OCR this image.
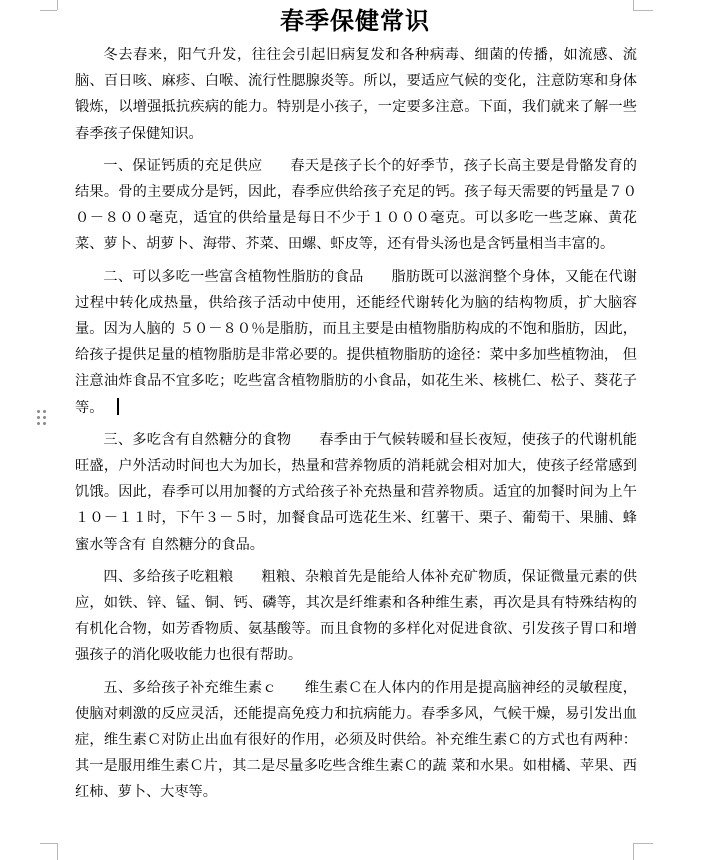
春季保健常识

冬去春来，阳气升发，往往会引起旧病复发和各种病毒、细菌的传播，如流感、流脑、百日咳、麻疹、白喉、流行性腮腺炎等。所以，要适应气候的变化，注意防寒和身体锻炼，以增强抵抗疾病的能力。特别是小孩子，一定要多注意。下面，我们就来了解一些春季孩子保健知识。

一、保证钙质的充足供应 春天是孩子长个的好季节，孩子长高主要是骨骼发育的结果。骨的主要成分是钙，因此，春季应供给孩子充足的钙。孩子每天需要的钙量是７００－８００毫克，适宜的供给量是每日不少于１０００毫克。可以多吃一些芝麻、黄花菜、萝卜、胡萝卜、海带、芥菜、田螺、虾皮等，还有骨头汤也是含钙量相当丰富的。

二、可以多吃一些富含植物性脂肪的食品 脂肪既可以滋润整个身体，又能在代谢过程中转化成热量，供给孩子活动中使用，还能经代谢转化为脑的结构物质，扩大脑容量。因为人脑的 ５０－８０％是脂肪，而且主要是由植物脂肪构成的不饱和脂肪，因此，给孩子提供足量的植物脂肪是非常必要的。提供植物脂肪的途径：菜中多加些植物油， 但注意油炸食品不宜多吃；吃些富含植物脂肪的小食品，如花生米、核桃仁、松子、葵花子等。

三、多吃含有自然糖分的食物 春季由于气候转暖和昼长夜短，使孩子的代谢机能旺盛，户外活动时间也大为加长，热量和营养物质的消耗就会相对加大，使孩子经常感到饥饿。因此，春季可以用加餐的方式给孩子补充热量和营养物质。适宜的加餐时间为上午１０－１１时，下午３－５时，加餐食品可选花生米、红薯干、栗子、葡萄干、果脯、蜂蜜水等含有 自然糖分的食品。

四、多给孩子吃粗粮 粗粮、杂粮首先是能给人体补充矿物质，保证微量元素的供应，如铁、锌、锰、铜、钙、磷等，其次是纤维素和各种维生素，再次是具有特殊结构的有机化合物，如芳香物质、氨基酸等。而且食物的多样化对促进食欲、引发孩子胃口和增强孩子的消化吸收能力也很有帮助。

五、多给孩子补充维生素ｃ 维生素Ｃ在人体内的作用是提高脑神经的灵敏程度，使脑对刺激的反应灵活，还能提高免疫力和抗病能力。春季多风，气候干燥，易引发出血症，维生素Ｃ对防止出血有很好的作用，必须及时供给。补充维生素Ｃ的方式也有两种：其一是服用维生素Ｃ片，其二是尽量多吃些含维生素Ｃ的蔬 菜和水果。如柑橘、苹果、西红柿、萝卜、大枣等。
